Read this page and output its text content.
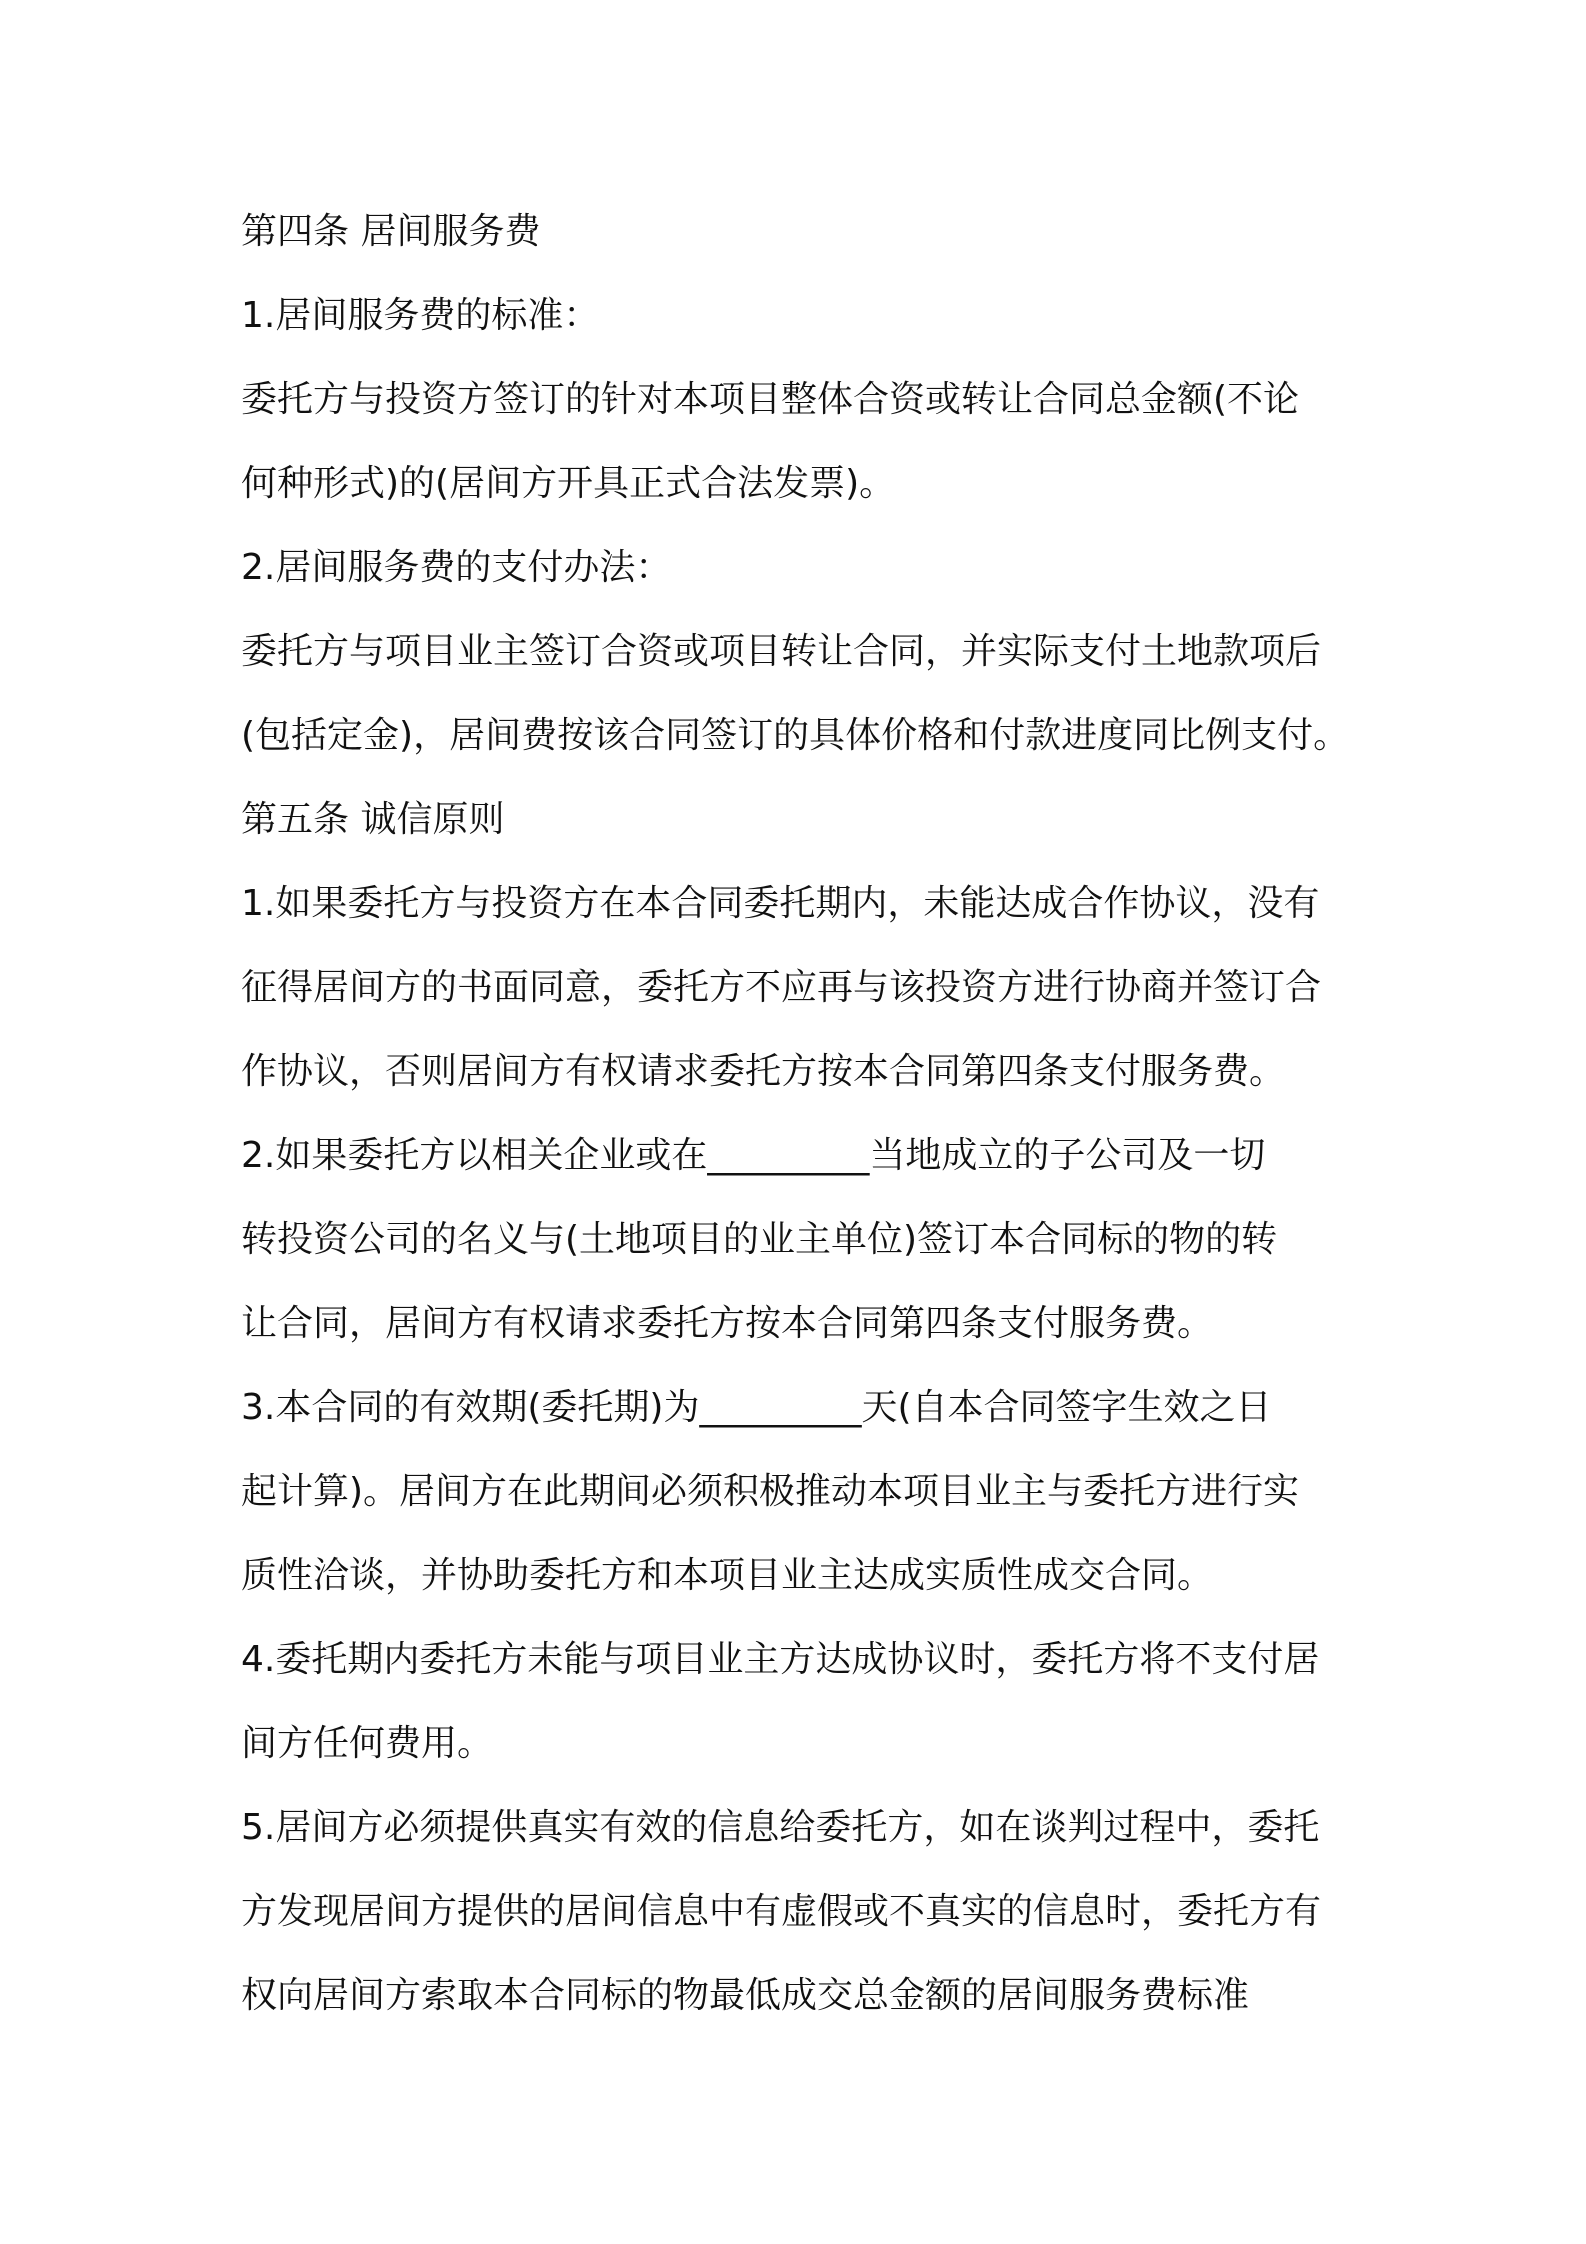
第四条 居间服务费
1.居间服务费的标准：
委托方与投资方签订的针对本项目整体合资或转让合同总金额(不论
何种形式)的(居间方开具正式合法发票)。
2.居间服务费的支付办法：
委托方与项目业主签订合资或项目转让合同，并实际支付土地款项后
(包括定金)，居间费按该合同签订的具体价格和付款进度同比例支付。
第五条 诚信原则
1.如果委托方与投资方在本合同委托期内，未能达成合作协议，没有
征得居间方的书面同意，委托方不应再与该投资方进行协商并签订合
作协议，否则居间方有权请求委托方按本合同第四条支付服务费。
2.如果委托方以相关企业或在_________当地成立的子公司及一切
转投资公司的名义与(土地项目的业主单位)签订本合同标的物的转
让合同，居间方有权请求委托方按本合同第四条支付服务费。
3.本合同的有效期(委托期)为_________天(自本合同签字生效之日
起计算)。居间方在此期间必须积极推动本项目业主与委托方进行实
质性洽谈，并协助委托方和本项目业主达成实质性成交合同。
4.委托期内委托方未能与项目业主方达成协议时，委托方将不支付居
间方任何费用。
5.居间方必须提供真实有效的信息给委托方，如在谈判过程中，委托
方发现居间方提供的居间信息中有虚假或不真实的信息时，委托方有
权向居间方索取本合同标的物最低成交总金额的居间服务费标准
